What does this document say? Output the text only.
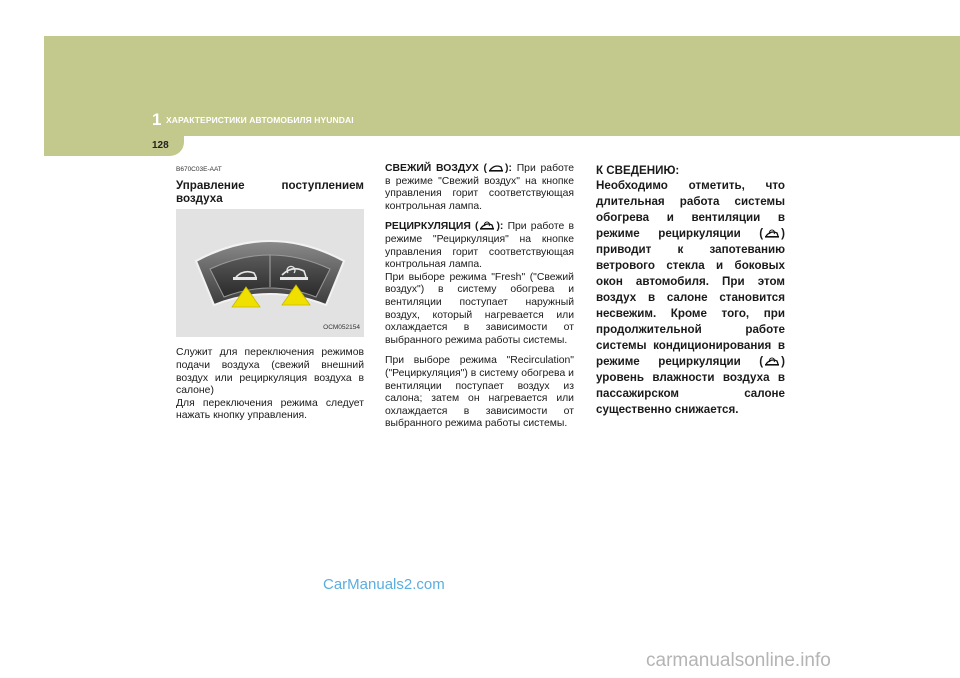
1 ХАРАКТЕРИСТИКИ АВТОМОБИЛЯ HYUNDAI
128
B670C03E-AAT
Управление поступлением воздуха
OCM052154

Служит для переключения режимов подачи воздуха (свежий внешний воздух или рециркуляция воздуха в салоне)

Для переключения режима следует нажать кнопку управления.

СВЕЖИЙ ВОЗДУХ ( ): При работе в режиме "Свежий воздух" на кнопке управления горит соответствующая контрольная лампа.

РЕЦИРКУЛЯЦИЯ ( ): При работе в режиме "Рециркуляция" на кнопке управления горит соответствующая контрольная лампа.

При выборе режима "Fresh" ("Свежий воздух") в систему обогрева и вентиляции поступает наружный воздух, который нагревается или охлаждается в зависимости от выбранного режима работы системы.

При выборе режима "Recirculation" ("Рециркуляция") в систему обогрева и вентиляции поступает воздух из салона; затем он нагревается или охлаждается в зависимости от выбранного режима работы системы.

К СВЕДЕНИЮ:

Необходимо отметить, что длительная работа системы обогрева и вентиляции в режиме рециркуляции ( ) приводит к запотеванию ветрового стекла и боковых окон автомобиля. При этом воздух в салоне становится несвежим. Кроме того, при продолжительной работе системы кондиционирования в режиме рециркуляции ( ) уровень влажности воздуха в пассажирском салоне существенно снижается.

CarManuals2.com
carmanualsonline.info
